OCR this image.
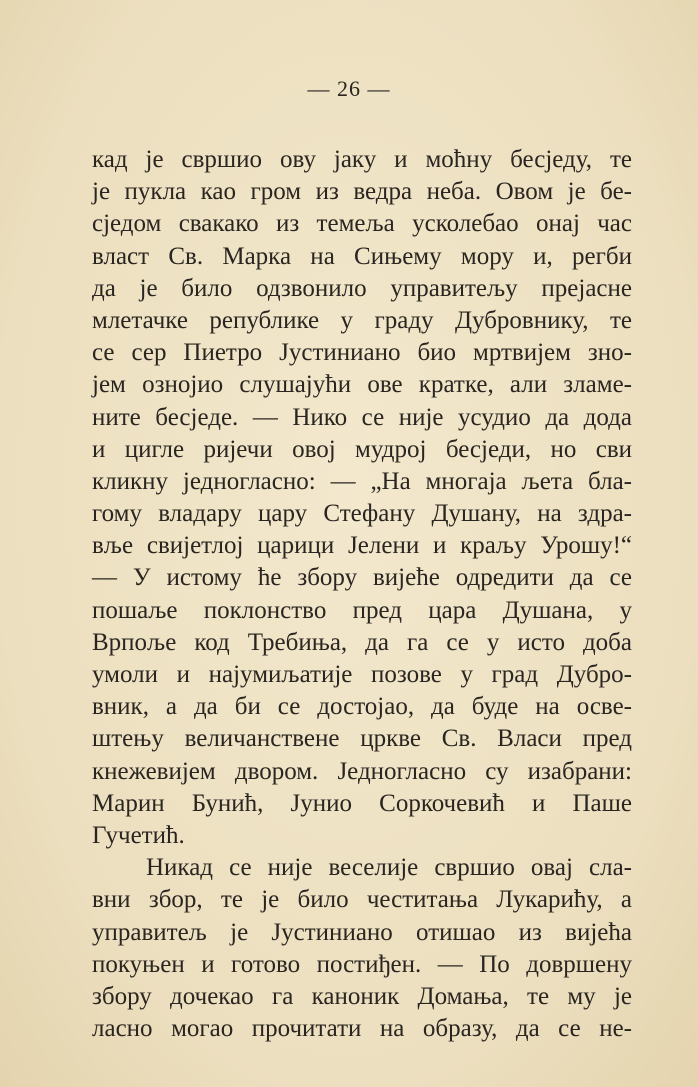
— 26 —
кад је свршио ову јаку и моћну бесједу, те
је пукла као гром из ведра неба. Овом је бе-
сједом свакако из темеља усколебао онај час
власт Св. Марка на Сињему мору и, регби
да је било одзвонило управитељу прејасне
млетачке републике у граду Дубровнику, те
се сер Пиетро Јустиниано био мртвијем зно-
јем ознојио слушајући ове кратке, али зламе-
ните бесједе. — Нико се није усудио да дода
и цигле ријечи овој мудрој бесједи, но сви
кликну једногласно: — „На многаја љета бла-
гому владару цару Стефану Душану, на здра-
вље свијетлој царици Јелени и краљу Урошу!“
— У истому ће збору вијеће одредити да се
пошаље поклонство пред цара Душана, у
Врпоље код Требиња, да га се у исто доба
умоли и најумиљатије позове у град Дубро-
вник, а да би се достојао, да буде на осве-
штењу величанствене цркве Св. Власи пред
кнежевијем двором. Једногласно су изабрани:
Марин Бунић, Јунио Соркочевић и Паше
Гучетић.
Никад се није веселије свршио овај сла-
вни збор, те је било честитања Лукарићу, а
управитељ је Јустиниано отишао из вијећа
покуњен и готово постиђен. — По довршену
збору дочекао га каноник Домања, те му је
ласно могао прочитати на образу, да се не-
